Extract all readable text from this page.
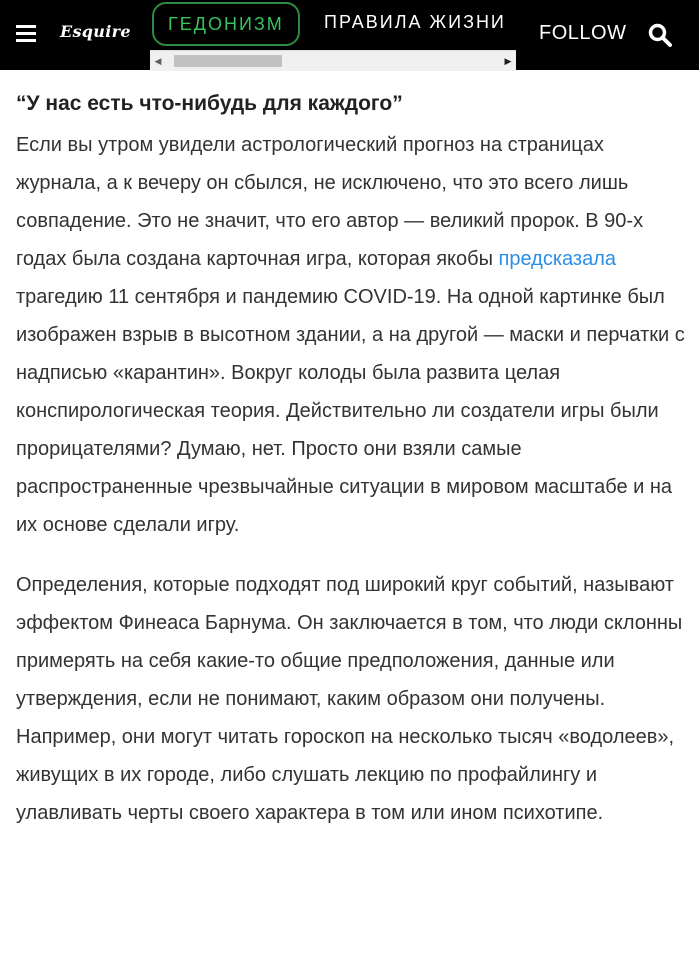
Esquire	ГЕДОНИЗМ	ПРАВИЛА ЖИЗНИ
◀	▶
FOLLOW
“У нас есть что-нибудь для каждого”

Если вы утром увидели астрологический прогноз на страницах журнала, а к вечеру он сбылся, не исключено, что это всего лишь совпадение. Это не значит, что его автор — великий пророк. В 90-х годах была создана карточная игра, которая якобы предсказала трагедию 11 сентября и пандемию COVID-19. На одной картинке был изображен взрыв в высотном здании, а на другой — маски и перчатки с надписью «карантин». Вокруг колоды была развита целая конспирологическая теория. Действительно ли создатели игры были прорицателями? Думаю, нет. Просто они взяли самые распространенные чрезвычайные ситуации в мировом масштабе и на их основе сделали игру.

Определения, которые подходят под широкий круг событий, называют эффектом Финеаса Барнума. Он заключается в том, что люди склонны примерять на себя какие-то общие предположения, данные или утверждения, если не понимают, каким образом они получены. Например, они могут читать гороскоп на несколько тысяч «водолеев», живущих в их городе, либо слушать лекцию по профайлингу и улавливать черты своего характера в том или ином психотипе.
